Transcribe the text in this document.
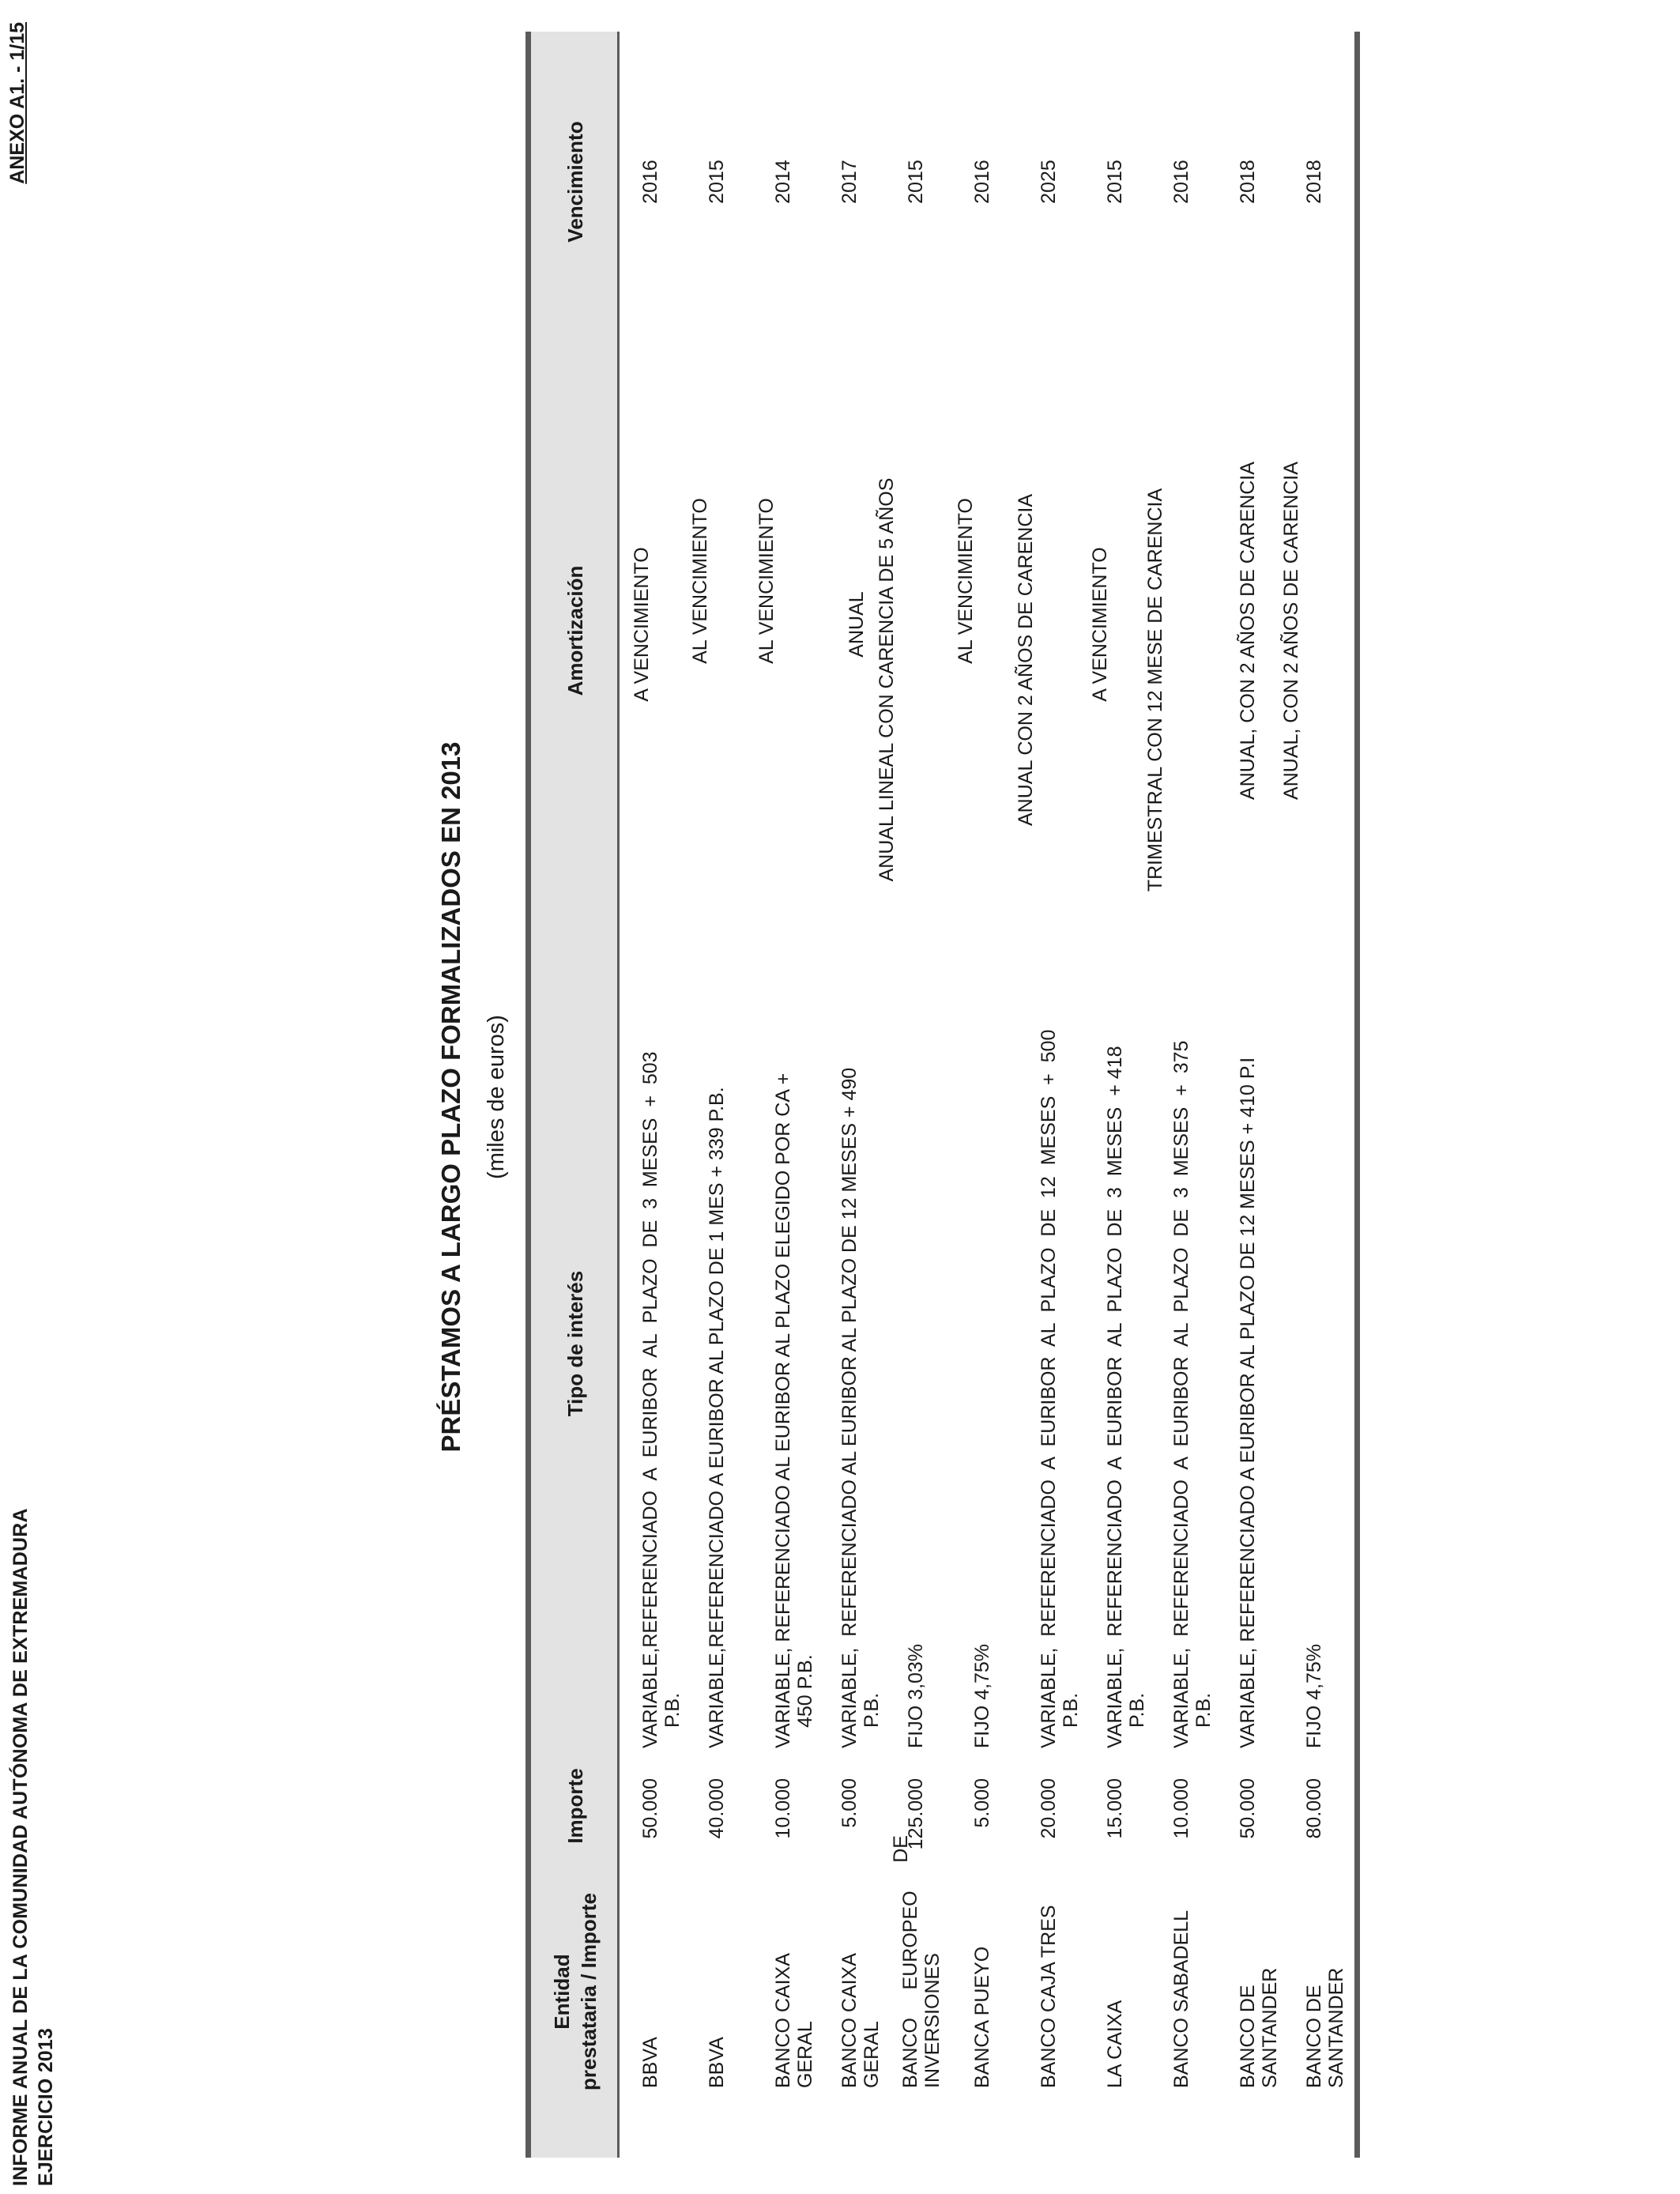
INFORME ANUAL DE LA COMUNIDAD AUTÓNOMA DE EXTREMADURA EJERCICIO 2013
ANEXO A1. - 1/15
PRÉSTAMOS A LARGO PLAZO FORMALIZADOS EN 2013 (miles de euros)
Entidad prestataria / Importe
Importe
Tipo de interés
Amortización
Vencimiento
BBVA
50.000
VARIABLE,REFERENCIADO  A  EURIBOR  AL  PLAZO  DE  3  MESES  +  503 P.B.
A VENCIMIENTO
2016
BBVA
40.000
VARIABLE,REFERENCIADO A EURIBOR AL PLAZO DE 1 MES + 339 P.B.
AL VENCIMIENTO
2015
BANCO CAIXA GERAL
10.000
VARIABLE, REFERENCIADO AL EURIBOR AL PLAZO ELEGIDO POR CA + 450 P.B.
AL VENCIMIENTO
2014
BANCO CAIXA GERAL
5.000
VARIABLE,  REFERENCIADO AL EURIBOR AL PLAZO DE 12 MESES + 490 P.B.
ANUAL
2017
BANCO
EUROPEO
DE
INVERSIONES
125.000
FIJO 3,03%
ANUAL LINEAL CON CARENCIA DE 5 AÑOS
2015
BANCA PUEYO
5.000
FIJO 4,75%
AL VENCIMIENTO
2016
BANCO CAJA TRES
20.000
VARIABLE,  REFERENCIADO  A  EURIBOR  AL  PLAZO  DE  12  MESES  +  500 P.B.
ANUAL CON 2 AÑOS DE CARENCIA
2025
LA CAIXA
15.000
VARIABLE,  REFERENCIADO  A  EURIBOR  AL  PLAZO  DE  3  MESES  + 418 P.B.
A VENCIMIENTO
2015
BANCO SABADELL
10.000
VARIABLE,  REFERENCIADO  A  EURIBOR  AL  PLAZO  DE  3  MESES  +  375 P.B.
TRIMESTRAL CON 12 MESE DE CARENCIA
2016
BANCO DE SANTANDER
50.000
VARIABLE, REFERENCIADO A EURIBOR AL PLAZO DE 12 MESES + 410 P.I
ANUAL, CON 2 AÑOS DE CARENCIA
2018
BANCO DE SANTANDER
80.000
FIJO 4,75%
ANUAL, CON 2 AÑOS DE CARENCIA
2018
